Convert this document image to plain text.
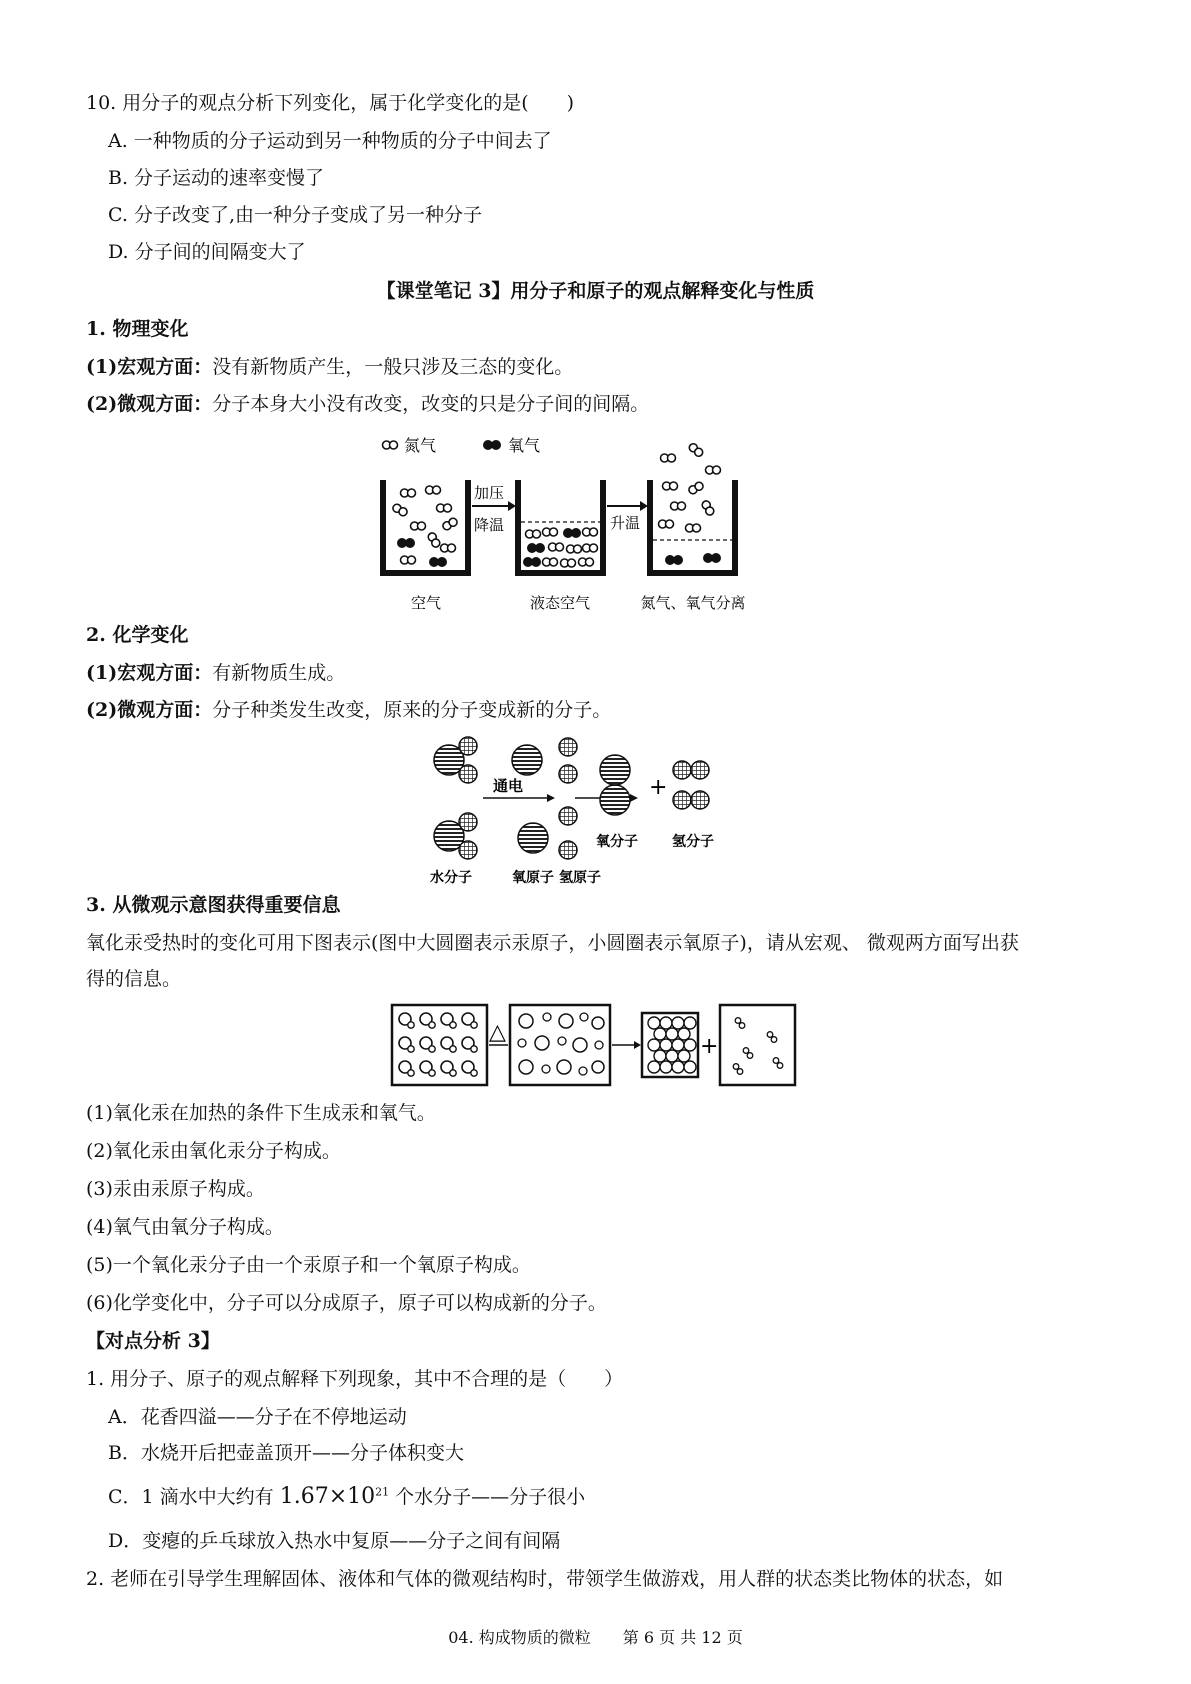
10. 用分子的观点分析下列变化，属于化学变化的是(　　)
A. 一种物质的分子运动到另一种物质的分子中间去了
B. 分子运动的速率变慢了
C. 分子改变了,由一种分子变成了另一种分子
D. 分子间的间隔变大了
【课堂笔记 3】用分子和原子的观点解释变化与性质
1. 物理变化
(1)宏观方面：没有新物质产生，一般只涉及三态的变化。
(2)微观方面：分子本身大小没有改变，改变的只是分子间的间隔。
氮气	氧气
加压
降温	升温
空气	液态空气	氮气、氧气分离
2. 化学变化
(1)宏观方面：有新物质生成。
(2)微观方面：分子种类发生改变，原来的分子变成新的分子。
通电	+
水分子	氧原子 氢原子
氧分子 氢分子
3. 从微观示意图获得重要信息
氧化汞受热时的变化可用下图表示(图中大圆圈表示汞原子，小圆圈表示氧原子)，请从宏观、 微观两方面写出获
得的信息。
△
+
(1)氧化汞在加热的条件下生成汞和氧气。
(2)氧化汞由氧化汞分子构成。
(3)汞由汞原子构成。
(4)氧气由氧分子构成。
(5)一个氧化汞分子由一个汞原子和一个氧原子构成。
(6)化学变化中，分子可以分成原子，原子可以构成新的分子。
【对点分析 3】
1. 用分子、原子的观点解释下列现象，其中不合理的是（　　）
A．花香四溢——分子在不停地运动
B．水烧开后把壶盖顶开——分子体积变大
C．1 滴水中大约有 $1.67\times 10^{21}$ 个水分子——分子很小
D．变瘪的乒乓球放入热水中复原——分子之间有间隔
2. 老师在引导学生理解固体、液体和气体的微观结构时，带领学生做游戏，用人群的状态类比物体的状态，如
04. 构成物质的微粒　　第 6 页 共 12 页
